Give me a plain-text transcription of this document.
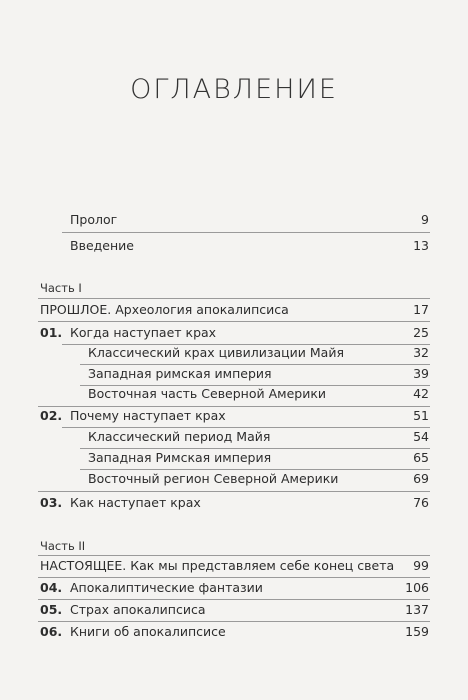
ОГЛАВЛЕНИЕ
Пролог	9
Введение	13
Часть I
ПРОШЛОЕ. Археология апокалипсиса	17
01. Когда наступает крах	25
Классический крах цивилизации Майя	32
Западная римская империя	39
Восточная часть Северной Америки	42
02. Почему наступает крах	51
Классический период Майя	54
Западная Римская империя	65
Восточный регион Северной Америки	69
03. Как наступает крах	76
Часть II
НАСТОЯЩЕЕ. Как мы представляем себе конец света 99
04. Апокалиптические фантазии	106
05. Страх апокалипсиса	137
06. Книги об апокалипсисе	159
